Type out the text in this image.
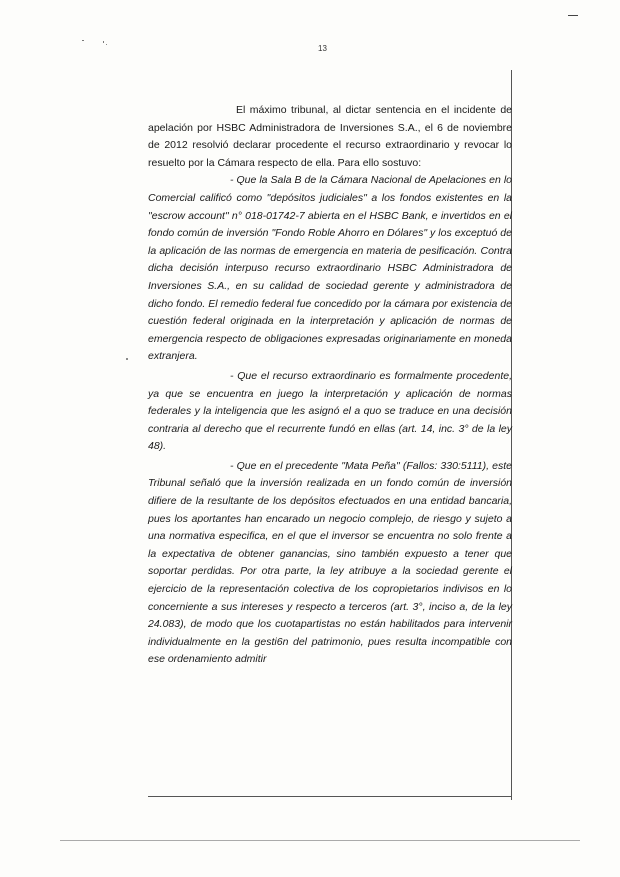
13

El máximo tribunal, al dictar sentencia en el incidente de apelación por HSBC Administradora de Inversiones S.A., el 6 de noviembre de 2012 resolvió declarar procedente el recurso extraordinario y revocar lo resuelto por la Cámara respecto de ella. Para ello sostuvo:

- Que la Sala B de la Cámara Nacional de Apelaciones en lo Comercial calificó como "depósitos judiciales" a los fondos existentes en la "escrow account" n° 018-01742-7 abierta en el HSBC Bank, e invertidos en el fondo común de inversión "Fondo Roble Ahorro en Dólares" y los exceptuó de la aplicación de las normas de emergencia en materia de pesificación. Contra dicha decisión interpuso recurso extraordinario HSBC Administradora de Inversiones S.A., en su calidad de sociedad gerente y administradora de dicho fondo. El remedio federal fue concedido por la cámara por existencia de cuestión federal originada en la interpretación y aplicación de normas de emergencia respecto de obligaciones expresadas originariamente en moneda extranjera.

- Que el recurso extraordinario es formalmente procedente, ya que se encuentra en juego la interpretación y aplicación de normas federales y la inteligencia que les asignó el a quo se traduce en una decisión contraria al derecho que el recurrente fundó en ellas (art. 14, inc. 3° de la ley 48).

- Que en el precedente "Mata Peña" (Fallos: 330:5111), este Tribunal señaló que la inversión realizada en un fondo común de inversión difiere de la resultante de los depósitos efectuados en una entidad bancaria, pues los aportantes han encarado un negocio complejo, de riesgo y sujeto a una normativa especifica, en el que el inversor se encuentra no solo frente a la expectativa de obtener ganancias, sino también expuesto a tener que soportar perdidas. Por otra parte, la ley atribuye a la sociedad gerente el ejercicio de la representación colectiva de los copropietarios indivisos en lo concerniente a sus intereses y respecto a terceros (art. 3°, inciso a, de la ley 24.083), de modo que los cuotapartistas no están habilitados para intervenir individualmente en la gesti6n del patrimonio, pues resulta incompatible con ese ordenamiento admitir
